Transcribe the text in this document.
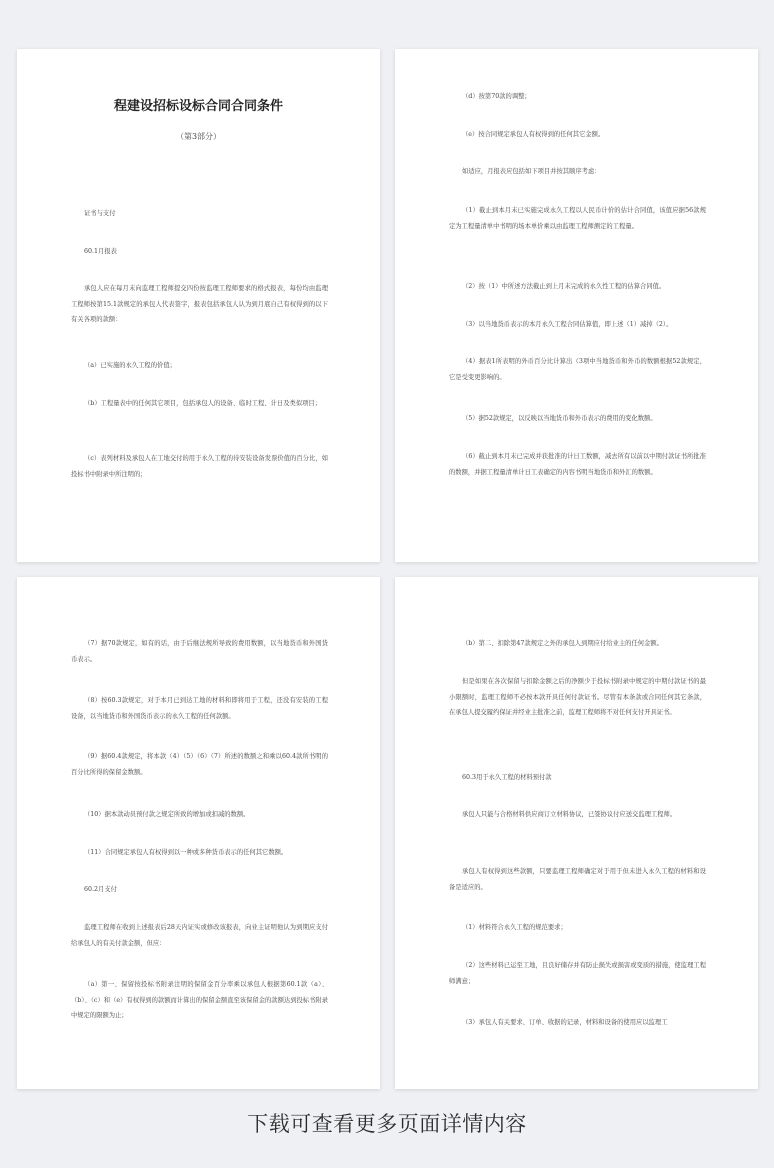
程建设招标设标合同合同条件
（第3部分）

证书与支付

60.1月报表

承包人应在每月末向监理工程师提交四份按监理工程师要求的格式报表，每份均由监理工程师按第15.1款规定的承包人代表签字，报表包括承包人认为到月底自己有权得到的以下有关各项的款额：

（a）已实施的永久工程的价值；

（b）工程量表中的任何其它项目，包括承包人的设备、临时工程、计日及类似项目；

（c）表列材料及承包人在工地交付的用于永久工程的待安装设备发票价值的百分比，如投标书中附录中所注明的；

（d）按第70款的调整；

（e）按合同规定承包人有权得到的任何其它金额。

如适应，月报表应包括如下项目并按其顺序考虑：

（1）截止到本月末已实施完成永久工程以人民币计价的估计合同值，该值应据56款规定为工程量清单中书明的场本单价乘以由监理工程师测定的工程量。

（2）按（1）中所述方法截止到上月末完成的永久性工程的估算合同值。

（3）以当地货币表示的本月永久工程合同估算值，即上述（1）减掉（2）。

（4）据表1所表明的外币百分比计算出（3项中当地货币和外币的数额根据52款规定，它是受变更影响的。

（5）据52款规定，以反映以当地货币和外币表示的费用的变化数额。

（6）截止到本月末已完成并获批准的计日工数额，减去所有以前以中期付款证书所批准的数额，并据工程量清单计日工表确定的内容书明当地货币和外汇的数额。

（7）据70款规定，如有的话，由于后继法规所导致的费用数额，以当地货币和外国货币表示。

（8）按60.3款规定，对于本月已到达工地的材料和即将用于工程，还没有安装的工程设备，以当地货币和外国货币表示的永久工程的任何款额。

（9）据60.4款规定，将本款（4）（5）（6）（7）所述的数额之和乘以60.4款所书明的百分比所得的保留金数额。

（10）据本款动员预付款之规定所致的增加或扣减的数额。

（11）合同规定承包人有权得到以一种或多种货币表示的任何其它数额。

60.2月支付

监理工程师在收到上述报表后28天内证实或修改该报表，向业主证明他认为到期应支付给承包人的有关付款金额，但应：

（a）第一、保留按投标书附录注明的保留金百分率乘以承包人根据第60.1款（a）、（b）、（c）和（e）有权得到的款额而计算出的保留金额直至该保留金的款额达到投标书附录中规定的限额为止；

（b）第二、扣除第47款规定之外的承包人到期应付给业主的任何金额。

但是如果在各次保留与扣除金额之后的净额少于投标书附录中规定的中期付款证书的最小限额时，监理工程师不必按本款开具任何付款证书。尽管有本条款或合同任何其它条款，在承包人提交履约保证并经业主批准之前，监理工程师将不对任何支付开具证书。

60.3用于永久工程的材料预付款

承包人只能与合格材料供应商订立材料协议，已签协议付应送交监理工程师。

承包人有权得到这些款额，只要监理工程师确定对于用于但未进入永久工程的材料和设备是适应的。

（1）材料符合永久工程的规范要求；

（2）这些材料已运至工地，且良好储存并有防止损失或损害或变质的措施，使监理工程师满意；

（3）承包人有关要求、订单、收据的记录，材料和设备的使用应以监理工

下载可查看更多页面详情内容
